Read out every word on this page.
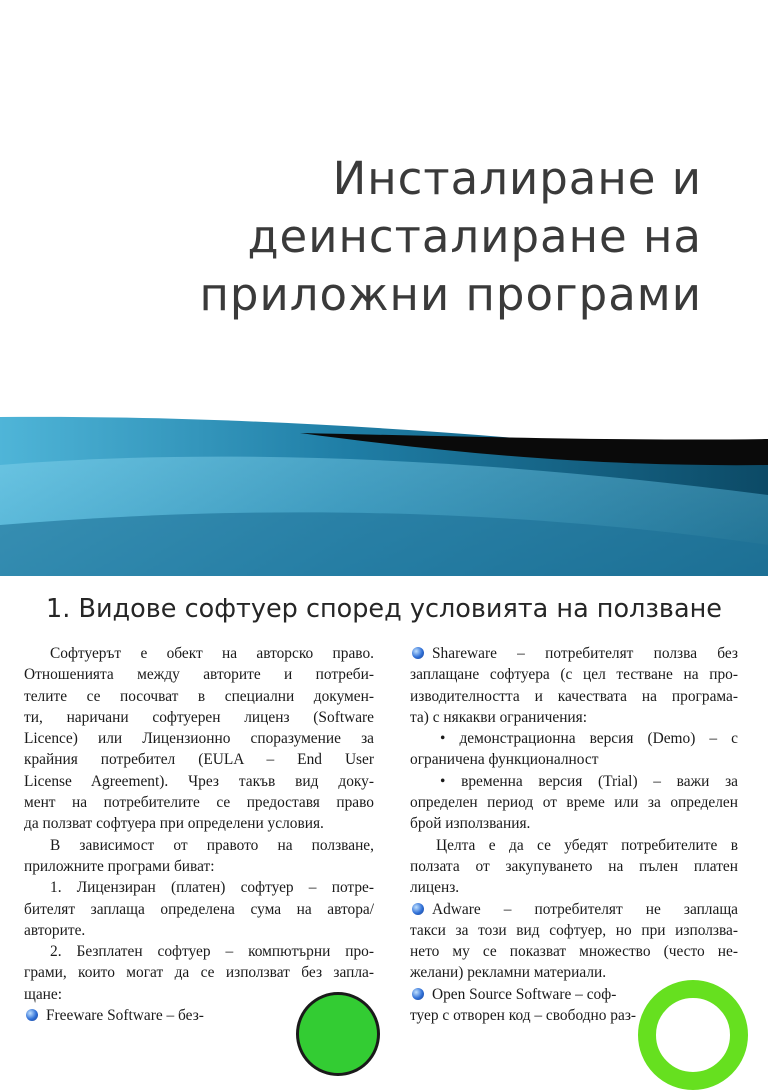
Инсталиране и
деинсталиране на
приложни програми
1. Видове софтуер според условията на ползване
Софтуерът е обект на авторско право.
Отношенията между авторите и потреби-
телите се посочват в специални докумен-
ти, наричани софтуерен лиценз (Software
Licence) или Лицензионно споразумение за
крайния потребител (EULA – End User
License Agreement). Чрез такъв вид доку-
мент на потребителите се предоставя право
да ползват софтуера при определени условия.
В зависимост от правото на ползване,
приложните програми биват:
1. Лицензиран (платен) софтуер – потре-
бителят заплаща определена сума на автора/
авторите.
2. Безплатен софтуер – компютърни про-
грами, които могат да се използват без запла-
щане:
Freeware Software – без-
Shareware – потребителят ползва без
заплащане софтуера (с цел тестване на про-
изводителността и качествата на програма-
та) с някакви ограничения:
• демонстрационна версия (Demo) – с
ограничена функционалност
• временна версия (Trial) – важи за
определен период от време или за определен
брой използвания.
Целта е да се убедят потребителите в
ползата от закупуването на пълен платен
лиценз.
Adware – потребителят не заплаща
такси за този вид софтуер, но при използва-
нето му се показват множество (често не-
желани) рекламни материали.
Open Source Software – соф-
туер с отворен код – свободно раз-
